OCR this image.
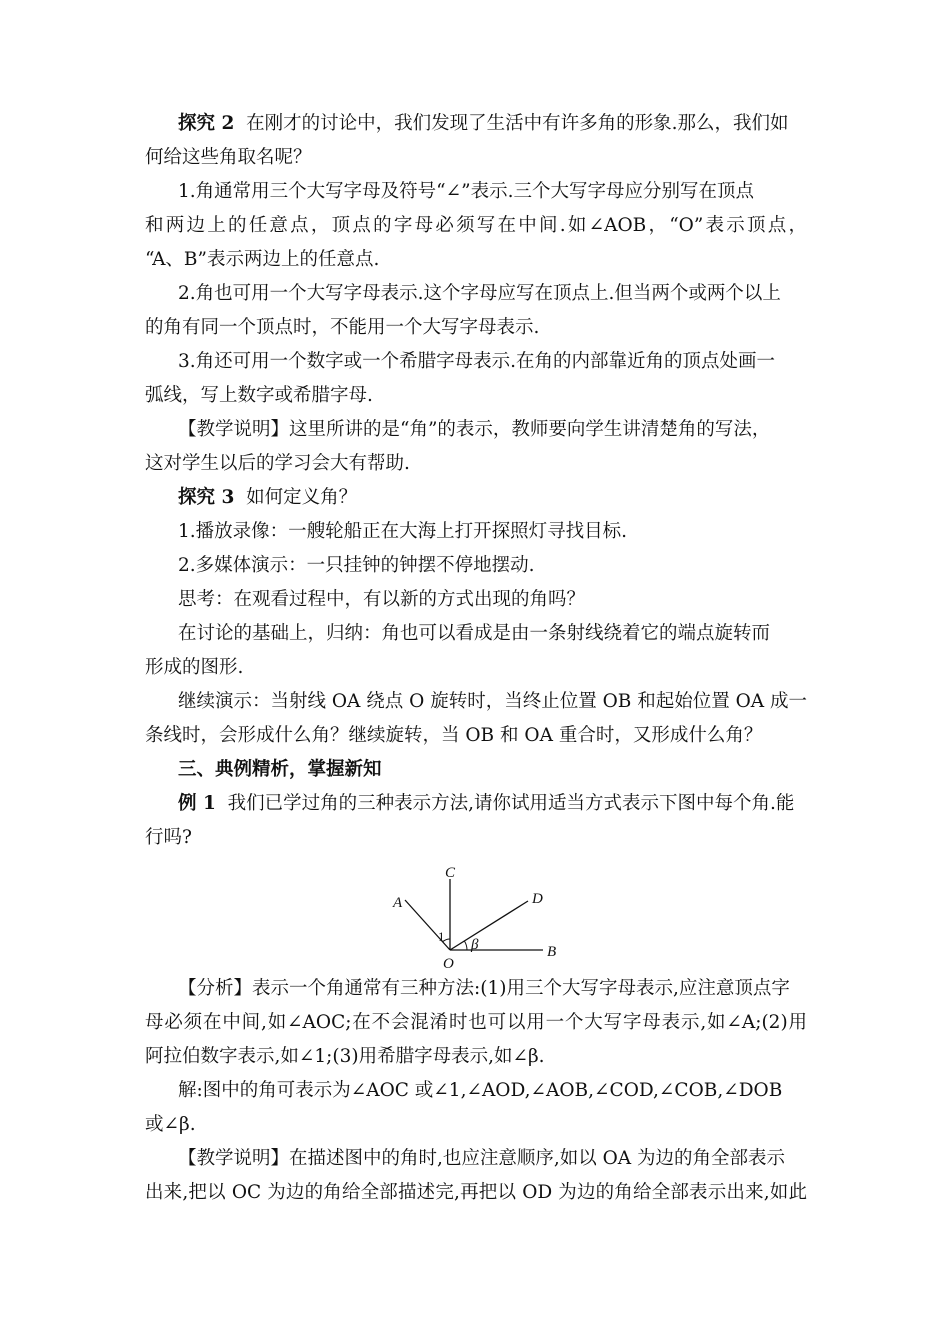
探究 2 在刚才的讨论中，我们发现了生活中有许多角的形象.那么，我们如
何给这些角取名呢？
1.角通常用三个大写字母及符号“∠”表示.三个大写字母应分别写在顶点
和两边上的任意点，顶点的字母必须写在中间.如∠AOB，“O”表示顶点，
“A、B”表示两边上的任意点.
2.角也可用一个大写字母表示.这个字母应写在顶点上.但当两个或两个以上
的角有同一个顶点时，不能用一个大写字母表示.
3.角还可用一个数字或一个希腊字母表示.在角的内部靠近角的顶点处画一
弧线，写上数字或希腊字母.
【教学说明】这里所讲的是“角”的表示，教师要向学生讲清楚角的写法，
这对学生以后的学习会大有帮助.
探究 3 如何定义角？
1.播放录像：一艘轮船正在大海上打开探照灯寻找目标.
2.多媒体演示：一只挂钟的钟摆不停地摆动.
思考：在观看过程中，有以新的方式出现的角吗？
在讨论的基础上，归纳：角也可以看成是由一条射线绕着它的端点旋转而
形成的图形.
继续演示：当射线 OA 绕点 O 旋转时，当终止位置 OB 和起始位置 OA 成一
条线时，会形成什么角？继续旋转，当 OB 和 OA 重合时，又形成什么角？
三、典例精析，掌握新知
例 1 我们已学过角的三种表示方法,请你试用适当方式表示下图中每个角.能
行吗?
C
A	D
1
β
O
B
【分析】表示一个角通常有三种方法:(1)用三个大写字母表示,应注意顶点字
母必须在中间,如∠AOC;在不会混淆时也可以用一个大写字母表示,如∠A;(2)用
阿拉伯数字表示,如∠1;(3)用希腊字母表示,如∠β.
解:图中的角可表示为∠AOC 或∠1,∠AOD,∠AOB,∠COD,∠COB,∠DOB
或∠β.
【教学说明】在描述图中的角时,也应注意顺序,如以 OA 为边的角全部表示
出来,把以 OC 为边的角给全部描述完,再把以 OD 为边的角给全部表示出来,如此
